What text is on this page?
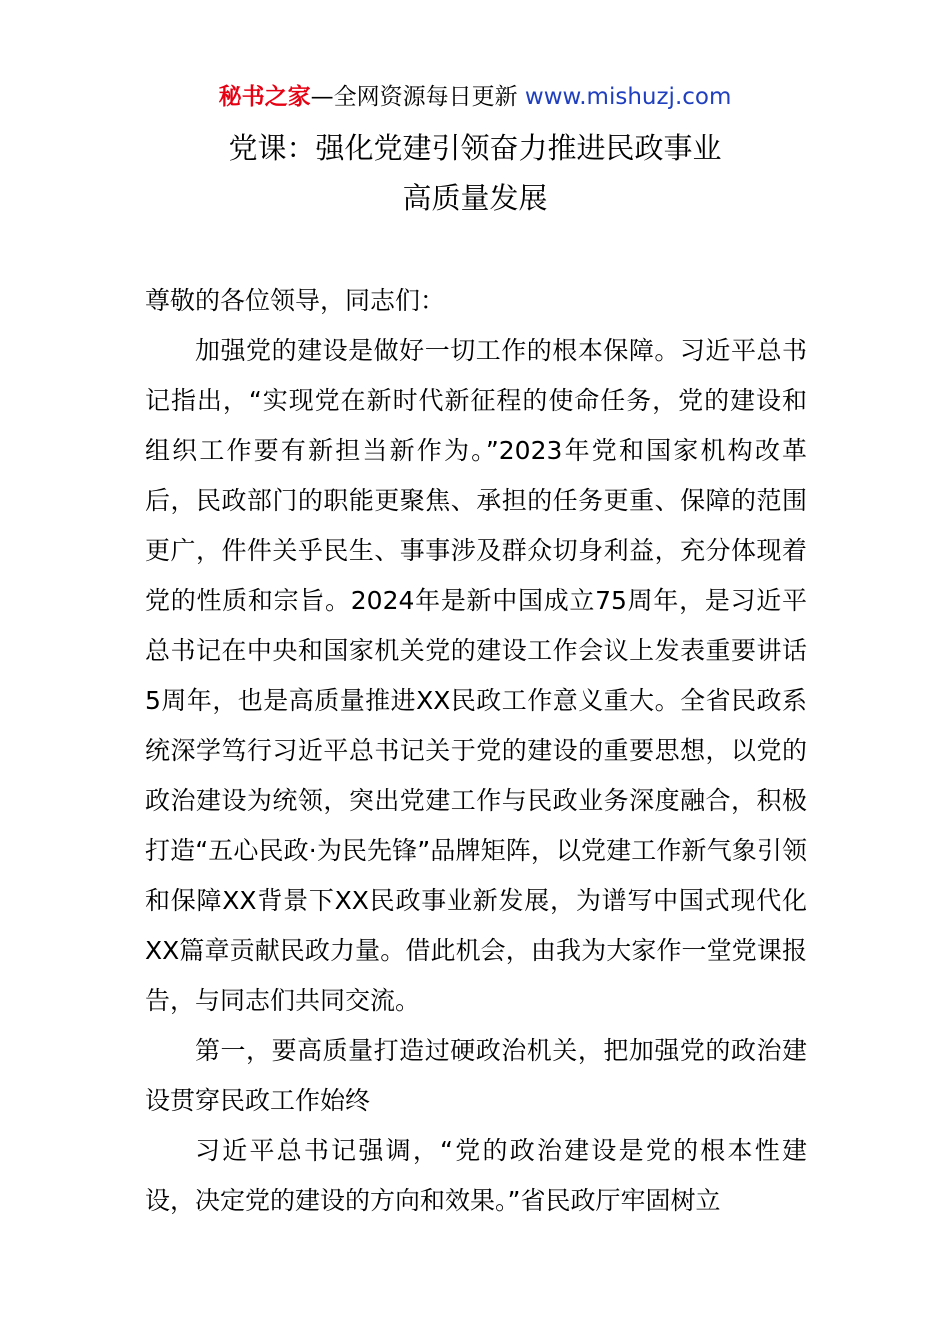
秘书之家—全网资源每日更新 www.mishuzj.com
党课：强化党建引领奋力推进民政事业
高质量发展

尊敬的各位领导，同志们：

加强党的建设是做好一切工作的根本保障。习近平总书记指出，“实现党在新时代新征程的使命任务，党的建设和组织工作要有新担当新作为。”2023年党和国家机构改革后，民政部门的职能更聚焦、承担的任务更重、保障的范围更广，件件关乎民生、事事涉及群众切身利益，充分体现着党的性质和宗旨。2024年是新中国成立75周年，是习近平总书记在中央和国家机关党的建设工作会议上发表重要讲话5周年，也是高质量推进XX民政工作意义重大。全省民政系统深学笃行习近平总书记关于党的建设的重要思想，以党的政治建设为统领，突出党建工作与民政业务深度融合，积极打造“五心民政·为民先锋”品牌矩阵，以党建工作新气象引领和保障XX背景下XX民政事业新发展，为谱写中国式现代化XX篇章贡献民政力量。借此机会，由我为大家作一堂党课报告，与同志们共同交流。

第一，要高质量打造过硬政治机关，把加强党的政治建设贯穿民政工作始终

习近平总书记强调，“党的政治建设是党的根本性建设，决定党的建设的方向和效果。”省民政厅牢固树立
